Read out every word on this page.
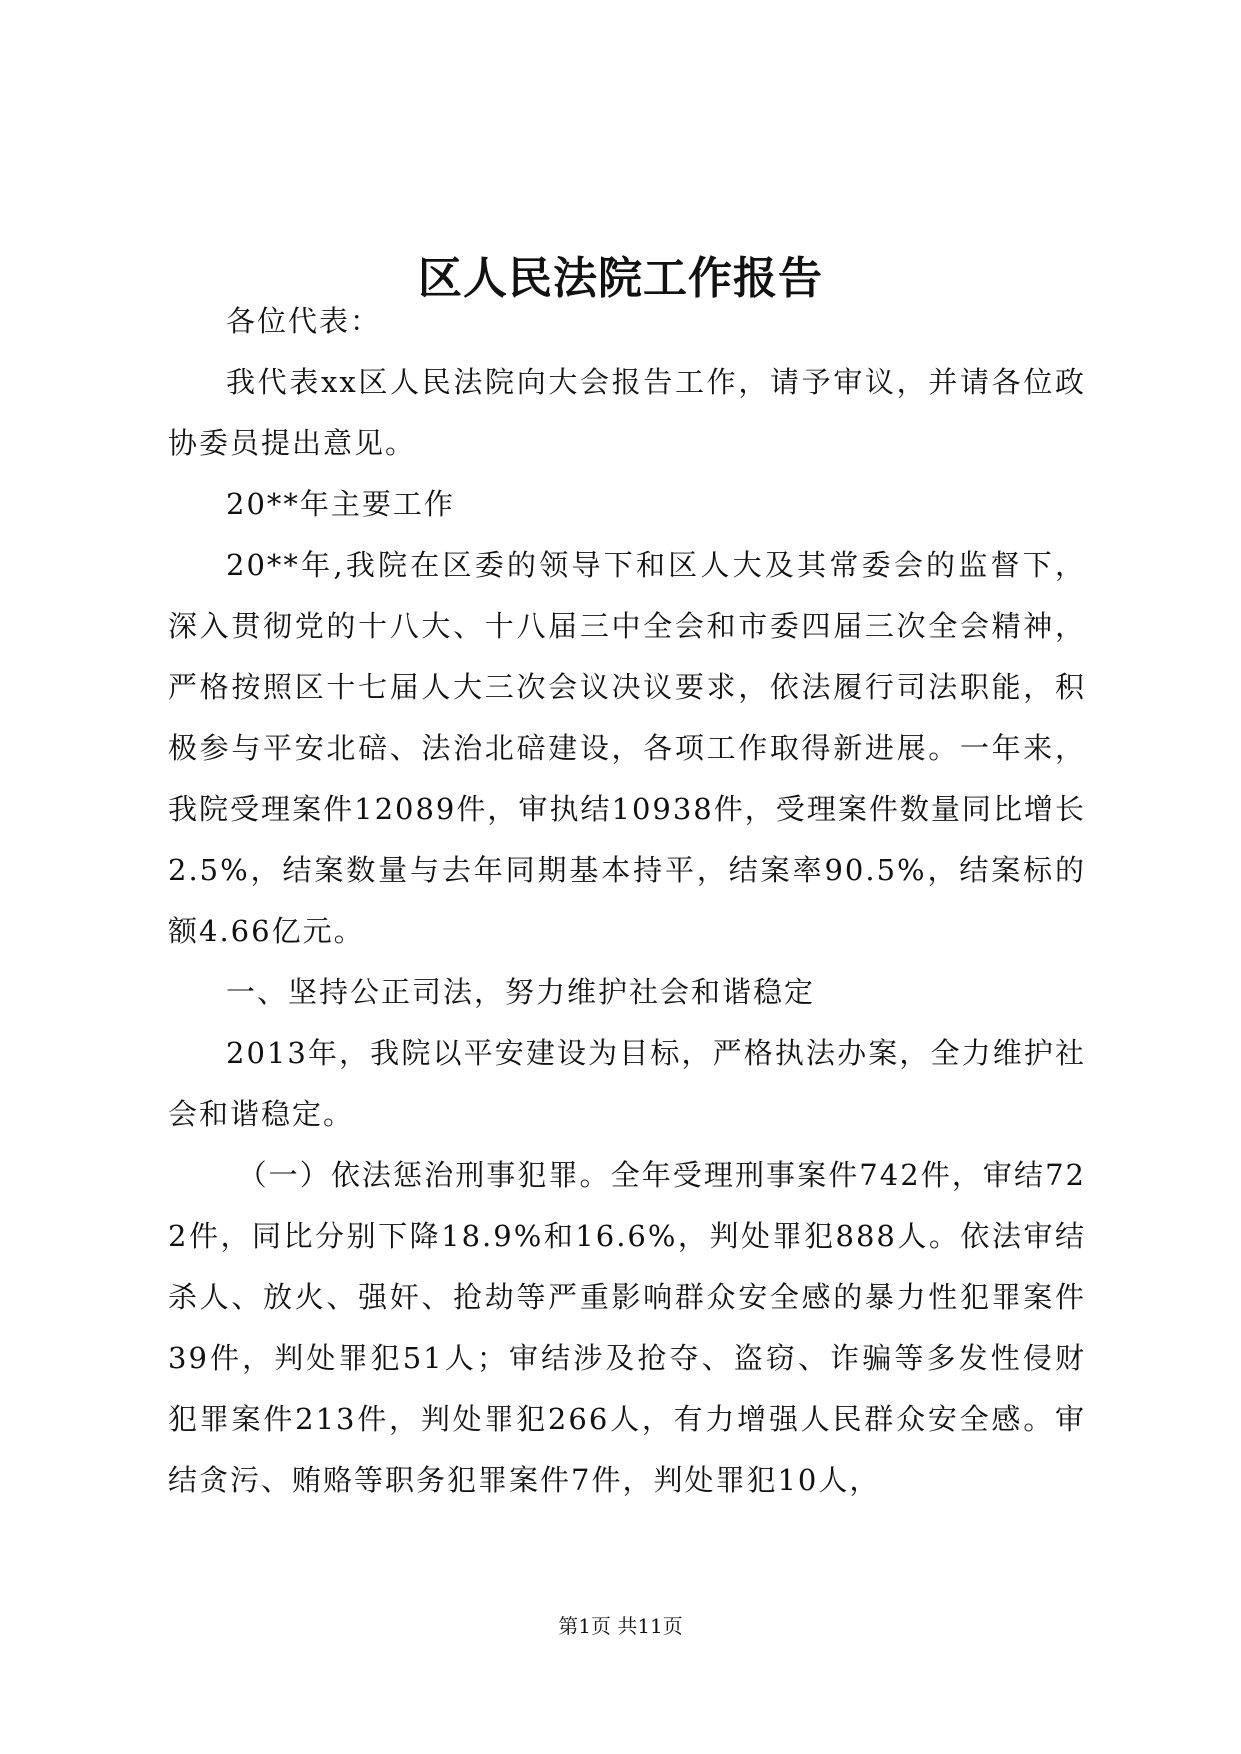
区人民法院工作报告

各位代表：

我代表xx区人民法院向大会报告工作，请予审议，并请各位政协委员提出意见。

20**年主要工作

20**年,我院在区委的领导下和区人大及其常委会的监督下，深入贯彻党的十八大、十八届三中全会和市委四届三次全会精神，严格按照区十七届人大三次会议决议要求，依法履行司法职能，积极参与平安北碚、法治北碚建设，各项工作取得新进展。一年来，我院受理案件12089件，审执结10938件，受理案件数量同比增长2.5%，结案数量与去年同期基本持平，结案率90.5%，结案标的额4.66亿元。

一、坚持公正司法，努力维护社会和谐稳定

2013年，我院以平安建设为目标，严格执法办案，全力维护社会和谐稳定。

（一）依法惩治刑事犯罪。全年受理刑事案件742件，审结722件，同比分别下降18.9%和16.6%，判处罪犯888人。依法审结杀人、放火、强奸、抢劫等严重影响群众安全感的暴力性犯罪案件39件，判处罪犯51人；审结涉及抢夺、盗窃、诈骗等多发性侵财犯罪案件213件，判处罪犯266人，有力增强人民群众安全感。审结贪污、贿赂等职务犯罪案件7件，判处罪犯10人，

第1页 共11页
